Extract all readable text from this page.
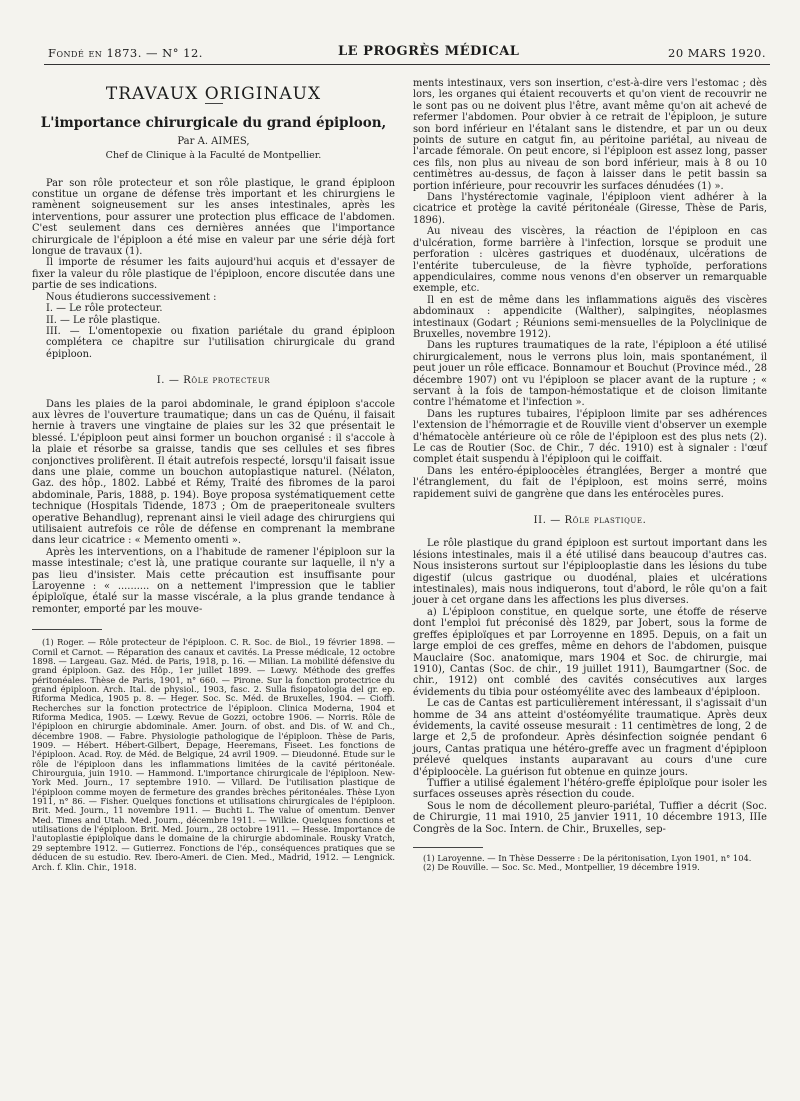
Fondé en 1873. — N° 12.	LE PROGRÈS MÉDICAL	20 MARS 1920.
TRAVAUX ORIGINAUX
L'importance chirurgicale du grand épiploon,
Par A. AIMES,
Chef de Clinique à la Faculté de Montpellier.

Par son rôle protecteur et son rôle plastique, le grand épiploon constitue un organe de défense très important et les chirurgiens le ramènent soigneusement sur les anses intestinales, après les interventions, pour assurer une protection plus efficace de l'abdomen. C'est seulement dans ces dernières années que l'importance chirurgicale de l'épiploon a été mise en valeur par une série déjà fort longue de travaux (1).

Il importe de résumer les faits aujourd'hui acquis et d'essayer de fixer la valeur du rôle plastique de l'épiploon, encore discutée dans une partie de ses indications.

Nous étudierons successivement :

I. — Le rôle protecteur.

II. — Le rôle plastique.

III. — L'omentopexie ou fixation pariétale du grand épiploon complétera ce chapitre sur l'utilisation chirurgicale du grand épiploon.

I. — Rôle protecteur

Dans les plaies de la paroi abdominale, le grand épiploon s'accole aux lèvres de l'ouverture traumatique; dans un cas de Quénu, il faisait hernie à travers une vingtaine de plaies sur les 32 que présentait le blessé. L'épiploon peut ainsi former un bouchon organisé : il s'accole à la plaie et résorbe sa graisse, tandis que ses cellules et ses fibres conjonctives prolifèrent. Il était autrefois respecté, lorsqu'il faisait issue dans une plaie, comme un bouchon autoplastique naturel. (Nélaton, Gaz. des hôp., 1802. Labbé et Rémy, Traité des fibromes de la paroi abdominale, Paris, 1888, p. 194). Boye proposa systématiquement cette technique (Hospitals Tidende, 1873 ; Om de praeperitoneale svulters operative Behandlug), reprenant ainsi le vieil adage des chirurgiens qui utilisaient autrefois ce rôle de défense en comprenant la membrane dans leur cicatrice : « Memento omenti ».

Après les interventions, on a l'habitude de ramener l'épiploon sur la masse intestinale; c'est là, une pratique courante sur laquelle, il n'y a pas lieu d'insister. Mais cette précaution est insuffisante pour Laroyenne : « .......... on a nettement l'impression que le tablier épiploïque, étalé sur la masse viscérale, a la plus grande tendance à remonter, emporté par les mouve-

(1) Roger. — Rôle protecteur de l'épiploon. C. R. Soc. de Biol., 19 février 1898. — Cornil et Carnot. — Réparation des canaux et cavités. La Presse médicale, 12 octobre 1898. — Largeau. Gaz. Méd. de Paris, 1918, p. 16. — Milian. La mobilité défensive du grand épiploon. Gaz. des Hôp., 1er juillet 1899. — Lœwy. Méthode des greffes péritonéales. Thèse de Paris, 1901, n° 660. — Pirone. Sur la fonction protectrice du grand épiploon. Arch. Ital. de physiol., 1903, fasc. 2. Sulla fisiopatologia del gr. ep. Riforma Medica, 1905 p. 8. — Heger. Soc. Sc. Méd. de Bruxelles, 1904. — Cioffi. Recherches sur la fonction protectrice de l'épiploon. Clinica Moderna, 1904 et Riforma Medica, 1905. — Lœwy. Revue de Gozzi, octobre 1906. — Norris. Rôle de l'épiploon en chirurgie abdominale. Amer. Journ. of obst. and Dis. of W. and Ch., décembre 1908. — Fabre. Physiologie pathologique de l'épiploon. Thèse de Paris, 1909. — Hébert. Hébert-Gilbert, Depage, Heeremans, Fiseet. Les fonctions de l'épiploon. Acad. Roy. de Méd. de Belgique, 24 avril 1909. — Dieudonné. Étude sur le rôle de l'épiploon dans les inflammations limitées de la cavité péritonéale. Chirourguia, juin 1910. — Hammond. L'importance chirurgicale de l'épiploon. New-York Med. Journ., 17 septembre 1910. — Villard. De l'utilisation plastique de l'épiploon comme moyen de fermeture des grandes brèches péritonéales. Thèse Lyon 1911, n° 86. — Fisher. Quelques fonctions et utilisations chirurgicales de l'épiploon. Brit. Med. Journ., 11 novembre 1911. — Buchti L. The value of omentum. Denver Med. Times and Utah. Med. Journ., décembre 1911. — Wilkie. Quelques fonctions et utilisations de l'épiploon. Brit. Med. Journ., 28 octobre 1911. — Hesse. Importance de l'autoplastie épiploïque dans le domaine de la chirurgie abdominale. Rousky Vratch, 29 septembre 1912. — Gutierrez. Fonctions de l'ép., conséquences pratiques que se déducen de su estudio. Rev. Ibero-Ameri. de Cien. Med., Madrid, 1912. — Lengnick. Arch. f. Klin. Chir., 1918.

ments intestinaux, vers son insertion, c'est-à-dire vers l'estomac ; dès lors, les organes qui étaient recouverts et qu'on vient de recouvrir ne le sont pas ou ne doivent plus l'être, avant même qu'on ait achevé de refermer l'abdomen. Pour obvier à ce retrait de l'épiploon, je suture son bord inférieur en l'étalant sans le distendre, et par un ou deux points de suture en catgut fin, au péritoine pariétal, au niveau de l'arcade fémorale. On peut encore, si l'épiploon est assez long, passer ces fils, non plus au niveau de son bord inférieur, mais à 8 ou 10 centimètres au-dessus, de façon à laisser dans le petit bassin sa portion inférieure, pour recouvrir les surfaces dénudées (1) ».

Dans l'hystérectomie vaginale, l'épiploon vient adhérer à la cicatrice et protège la cavité péritonéale (Giresse, Thèse de Paris, 1896).

Au niveau des viscères, la réaction de l'épiploon en cas d'ulcération, forme barrière à l'infection, lorsque se produit une perforation : ulcères gastriques et duodénaux, ulcérations de l'entérite tuberculeuse, de la fièvre typhoïde, perforations appendiculaires, comme nous venons d'en observer un remarquable exemple, etc.

Il en est de même dans les inflammations aiguës des viscères abdominaux : appendicite (Walther), salpingites, néoplasmes intestinaux (Godart ; Réunions semi-mensuelles de la Polyclinique de Bruxelles, novembre 1912).

Dans les ruptures traumatiques de la rate, l'épiploon a été utilisé chirurgicalement, nous le verrons plus loin, mais spontanément, il peut jouer un rôle efficace. Bonnamour et Bouchut (Province méd., 28 décembre 1907) ont vu l'épiploon se placer avant de la rupture ; « servant à la fois de tampon-hémostatique et de cloison limitante contre l'hématome et l'infection ».

Dans les ruptures tubaires, l'épiploon limite par ses adhérences l'extension de l'hémorragie et de Rouville vient d'observer un exemple d'hématocèle antérieure où ce rôle de l'épiploon est des plus nets (2). Le cas de Routier (Soc. de Chir., 7 déc. 1910) est à signaler : l'œuf complet était suspendu à l'épiploon qui le coiffait.

Dans les entéro-épiploocèles étranglées, Berger a montré que l'étranglement, du fait de l'épiploon, est moins serré, moins rapidement suivi de gangrène que dans les entérocèles pures.

II. — Rôle plastique.

Le rôle plastique du grand épiploon est surtout important dans les lésions intestinales, mais il a été utilisé dans beaucoup d'autres cas. Nous insisterons surtout sur l'épiplooplastie dans les lésions du tube digestif (ulcus gastrique ou duodénal, plaies et ulcérations intestinales), mais nous indiquerons, tout d'abord, le rôle qu'on a fait jouer à cet organe dans les affections les plus diverses.

a) L'épiploon constitue, en quelque sorte, une étoffe de réserve dont l'emploi fut préconisé dès 1829, par Jobert, sous la forme de greffes épiploïques et par Lorroyenne en 1895. Depuis, on a fait un large emploi de ces greffes, même en dehors de l'abdomen, puisque Mauclaire (Soc. anatomique, mars 1904 et Soc. de chirurgie, mai 1910), Cantas (Soc. de chir., 19 juillet 1911), Baumgartner (Soc. de chir., 1912) ont comblé des cavités consécutives aux larges évidements du tibia pour ostéomyélite avec des lambeaux d'épiploon.

Le cas de Cantas est particulièrement intéressant, il s'agissait d'un homme de 34 ans atteint d'ostéomyélite traumatique. Après deux évidements, la cavité osseuse mesurait : 11 centimètres de long, 2 de large et 2,5 de profondeur. Après désinfection soignée pendant 6 jours, Cantas pratiqua une hétéro-greffe avec un fragment d'épiploon prélevé quelques instants auparavant au cours d'une cure d'épiploocèle. La guérison fut obtenue en quinze jours.

Tuffier a utilisé également l'hétéro-greffe épiploïque pour isoler les surfaces osseuses après résection du coude.

Sous le nom de décollement pleuro-pariétal, Tuffier a décrit (Soc. de Chirurgie, 11 mai 1910, 25 janvier 1911, 10 décembre 1913, IIIe Congrès de la Soc. Intern. de Chir., Bruxelles, sep-

(1) Laroyenne. — In Thèse Desserre : De la péritonisation, Lyon 1901, n° 104.

(2) De Rouville. — Soc. Sc. Med., Montpellier, 19 décembre 1919.
